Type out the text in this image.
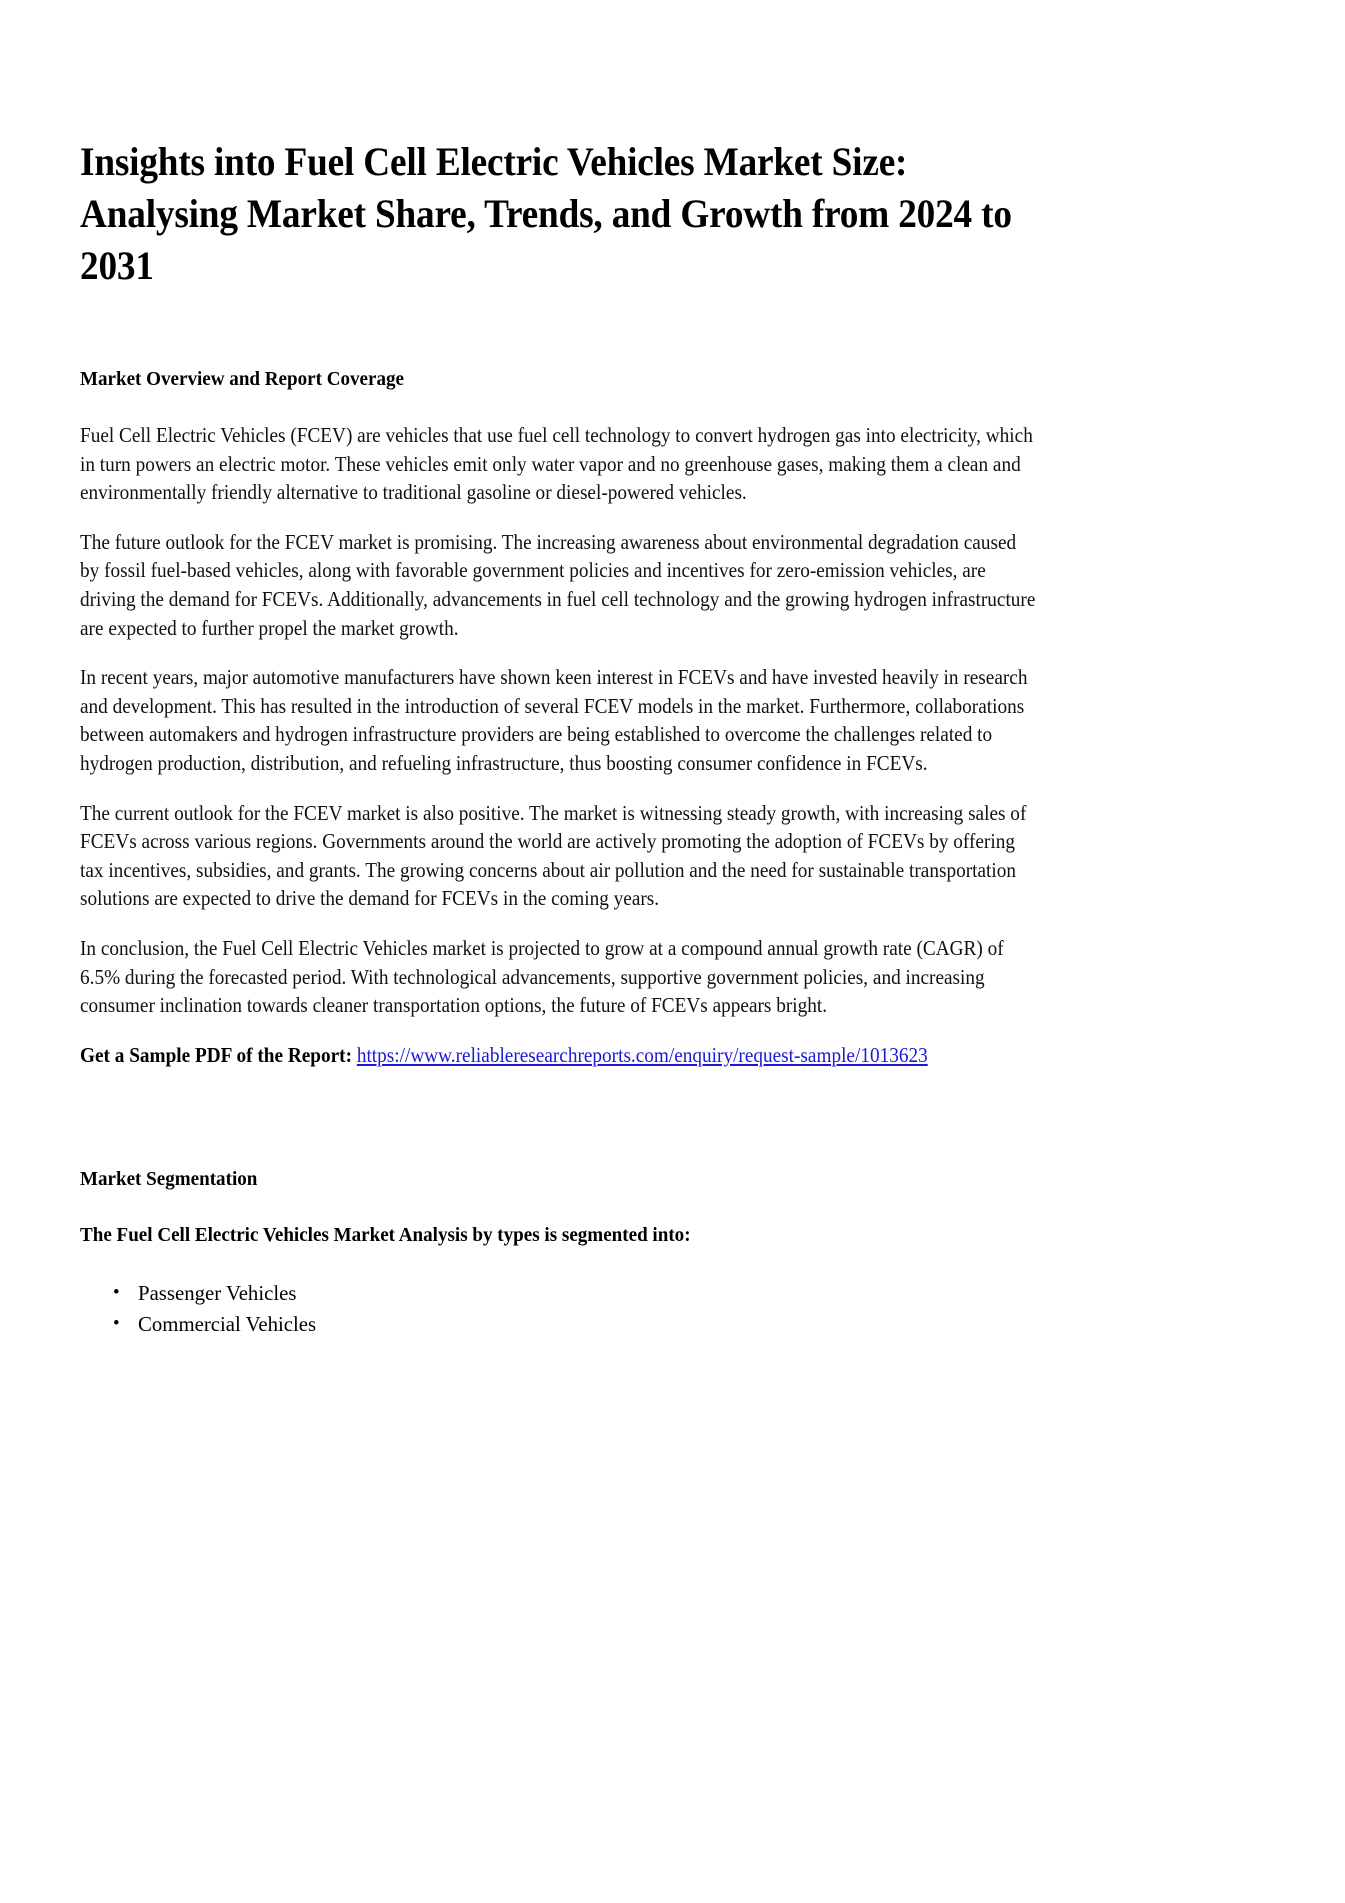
Insights into Fuel Cell Electric Vehicles Market Size: Analysing Market Share, Trends, and Growth from 2024 to 2031
Market Overview and Report Coverage

Fuel Cell Electric Vehicles (FCEV) are vehicles that use fuel cell technology to convert hydrogen gas into electricity, which in turn powers an electric motor. These vehicles emit only water vapor and no greenhouse gases, making them a clean and environmentally friendly alternative to traditional gasoline or diesel-powered vehicles.

The future outlook for the FCEV market is promising. The increasing awareness about environmental degradation caused by fossil fuel-based vehicles, along with favorable government policies and incentives for zero-emission vehicles, are driving the demand for FCEVs. Additionally, advancements in fuel cell technology and the growing hydrogen infrastructure are expected to further propel the market growth.

In recent years, major automotive manufacturers have shown keen interest in FCEVs and have invested heavily in research and development. This has resulted in the introduction of several FCEV models in the market. Furthermore, collaborations between automakers and hydrogen infrastructure providers are being established to overcome the challenges related to hydrogen production, distribution, and refueling infrastructure, thus boosting consumer confidence in FCEVs.

The current outlook for the FCEV market is also positive. The market is witnessing steady growth, with increasing sales of FCEVs across various regions. Governments around the world are actively promoting the adoption of FCEVs by offering tax incentives, subsidies, and grants. The growing concerns about air pollution and the need for sustainable transportation solutions are expected to drive the demand for FCEVs in the coming years.

In conclusion, the Fuel Cell Electric Vehicles market is projected to grow at a compound annual growth rate (CAGR) of 6.5% during the forecasted period. With technological advancements, supportive government policies, and increasing consumer inclination towards cleaner transportation options, the future of FCEVs appears bright.

Get a Sample PDF of the Report: https://www.reliableresearchreports.com/enquiry/request-sample/1013623

Market Segmentation
The Fuel Cell Electric Vehicles Market Analysis by types is segmented into:
• Passenger Vehicles
• Commercial Vehicles
